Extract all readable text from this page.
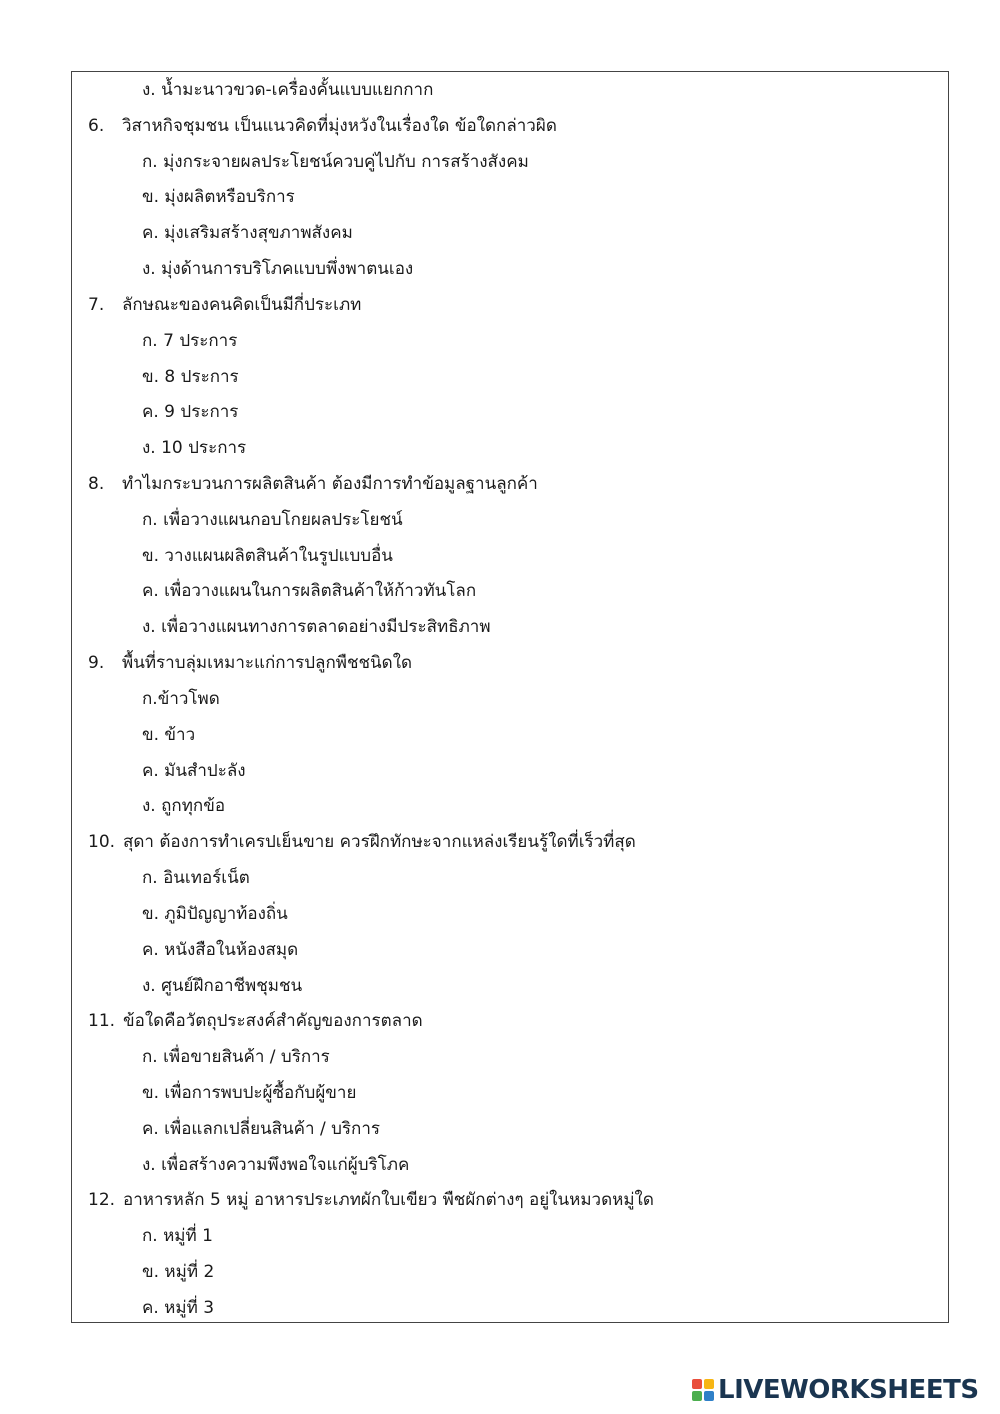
ง. น้ำมะนาวขวด-เครื่องคั้นแบบแยกกาก
6. วิสาหกิจชุมชน เป็นแนวคิดที่มุ่งหวังในเรื่องใด ข้อใดกล่าวผิด
ก. มุ่งกระจายผลประโยชน์ควบคู่ไปกับ การสร้างสังคม
ข. มุ่งผลิตหรือบริการ
ค. มุ่งเสริมสร้างสุขภาพสังคม
ง. มุ่งด้านการบริโภคแบบพึ่งพาตนเอง
7. ลักษณะของคนคิดเป็นมีกี่ประเภท
ก. 7 ประการ
ข. 8 ประการ
ค. 9 ประการ
ง. 10 ประการ
8. ทำไมกระบวนการผลิตสินค้า ต้องมีการทำข้อมูลฐานลูกค้า
ก. เพื่อวางแผนกอบโกยผลประโยชน์
ข. วางแผนผลิตสินค้าในรูปแบบอื่น
ค. เพื่อวางแผนในการผลิตสินค้าให้ก้าวทันโลก
ง. เพื่อวางแผนทางการตลาดอย่างมีประสิทธิภาพ
9. พื้นที่ราบลุ่มเหมาะแก่การปลูกพืชชนิดใด
ก.ข้าวโพด
ข. ข้าว
ค. มันสำปะลัง
ง. ถูกทุกข้อ
10. สุดา ต้องการทำเครปเย็นขาย ควรฝึกทักษะจากแหล่งเรียนรู้ใดที่เร็วที่สุด
ก. อินเทอร์เน็ต
ข. ภูมิปัญญาท้องถิ่น
ค. หนังสือในห้องสมุด
ง. ศูนย์ฝึกอาชีพชุมชน
11. ข้อใดคือวัตถุประสงค์สำคัญของการตลาด
ก. เพื่อขายสินค้า / บริการ
ข. เพื่อการพบปะผู้ซื้อกับผู้ขาย
ค. เพื่อแลกเปลี่ยนสินค้า / บริการ
ง. เพื่อสร้างความพึงพอใจแก่ผู้บริโภค
12. อาหารหลัก 5 หมู่ อาหารประเภทผักใบเขียว พืชผักต่างๆ อยู่ในหมวดหมู่ใด
ก. หมู่ที่ 1
ข. หมู่ที่ 2
ค. หมู่ที่ 3
LIVEWORKSHEETS
